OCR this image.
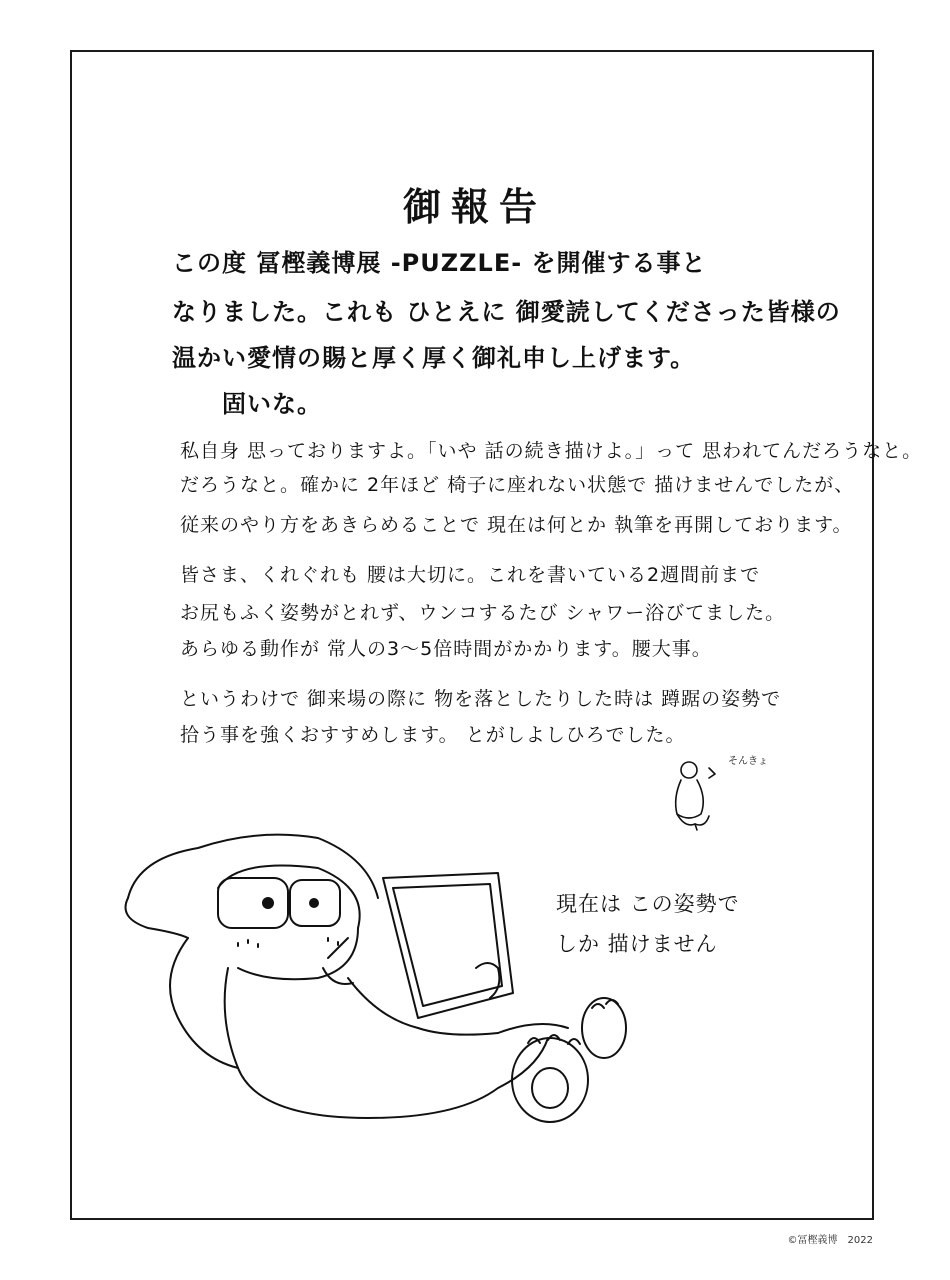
御報告
この度 冨樫義博展 -PUZZLE- を開催する事と
なりました。これも ひとえに 御愛読してくださった皆様の
温かい愛情の賜と厚く厚く御礼申し上げます。
固いな。
私自身 思っておりますよ。「いや 話の続き描けよ。」って 思われてんだろうなと。
だろうなと。確かに 2年ほど 椅子に座れない状態で 描けませんでしたが、
従来のやり方をあきらめることで 現在は何とか 執筆を再開しております。
皆さま、くれぐれも 腰は大切に。これを書いている2週間前まで
お尻もふく姿勢がとれず、ウンコするたび シャワー浴びてました。
あらゆる動作が 常人の3〜5倍時間がかかります。腰大事。
というわけで 御来場の際に 物を落としたりした時は 蹲踞の姿勢で
拾う事を強くおすすめします。 とがしよしひろでした。
そんきょ
現在は この姿勢で
しか 描けません
©冨樫義博 2022
